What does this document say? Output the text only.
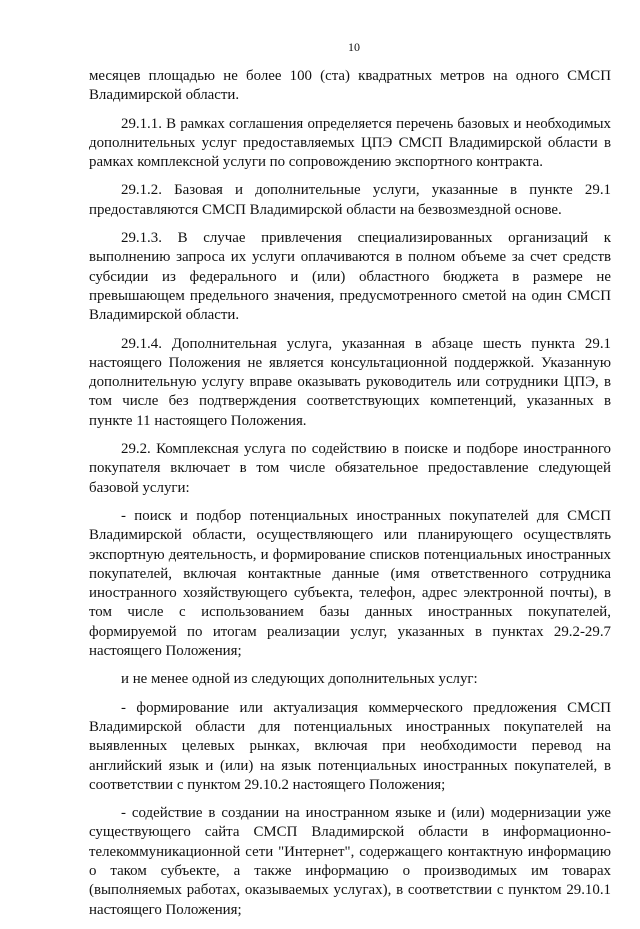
10

месяцев площадью не более 100 (ста) квадратных метров на одного СМСП Владимирской области.

29.1.1. В рамках соглашения определяется перечень базовых и необходимых дополнительных услуг предоставляемых ЦПЭ СМСП Владимирской области в рамках комплексной услуги по сопровождению экспортного контракта.

29.1.2. Базовая и дополнительные услуги, указанные в пункте 29.1 предоставляются СМСП Владимирской области на безвозмездной основе.

29.1.3. В случае привлечения специализированных организаций к выполнению запроса их услуги оплачиваются в полном объеме за счет средств субсидии из федерального и (или) областного бюджета в размере не превышающем предельного значения, предусмотренного сметой на один СМСП Владимирской области.

29.1.4. Дополнительная услуга, указанная в абзаце шесть пункта 29.1 настоящего Положения не является консультационной поддержкой. Указанную дополнительную услугу вправе оказывать руководитель или сотрудники ЦПЭ, в том числе без подтверждения соответствующих компетенций, указанных в пункте 11 настоящего Положения.

29.2. Комплексная услуга по содействию в поиске и подборе иностранного покупателя включает в том числе обязательное предоставление следующей базовой услуги:

- поиск и подбор потенциальных иностранных покупателей для СМСП Владимирской области, осуществляющего или планирующего осуществлять экспортную деятельность, и формирование списков потенциальных иностранных покупателей, включая контактные данные (имя ответственного сотрудника иностранного хозяйствующего субъекта, телефон, адрес электронной почты), в том числе с использованием базы данных иностранных покупателей, формируемой по итогам реализации услуг, указанных в пунктах 29.2-29.7 настоящего Положения;

и не менее одной из следующих дополнительных услуг:

- формирование или актуализация коммерческого предложения СМСП Владимирской области для потенциальных иностранных покупателей на выявленных целевых рынках, включая при необходимости перевод на английский язык и (или) на язык потенциальных иностранных покупателей, в соответствии с пунктом 29.10.2 настоящего Положения;

- содействие в создании на иностранном языке и (или) модернизации уже существующего сайта СМСП Владимирской области в информационно-телекоммуникационной сети "Интернет", содержащего контактную информацию о таком субъекте, а также информацию о производимых им товарах (выполняемых работах, оказываемых услугах), в соответствии с пунктом 29.10.1 настоящего Положения;
